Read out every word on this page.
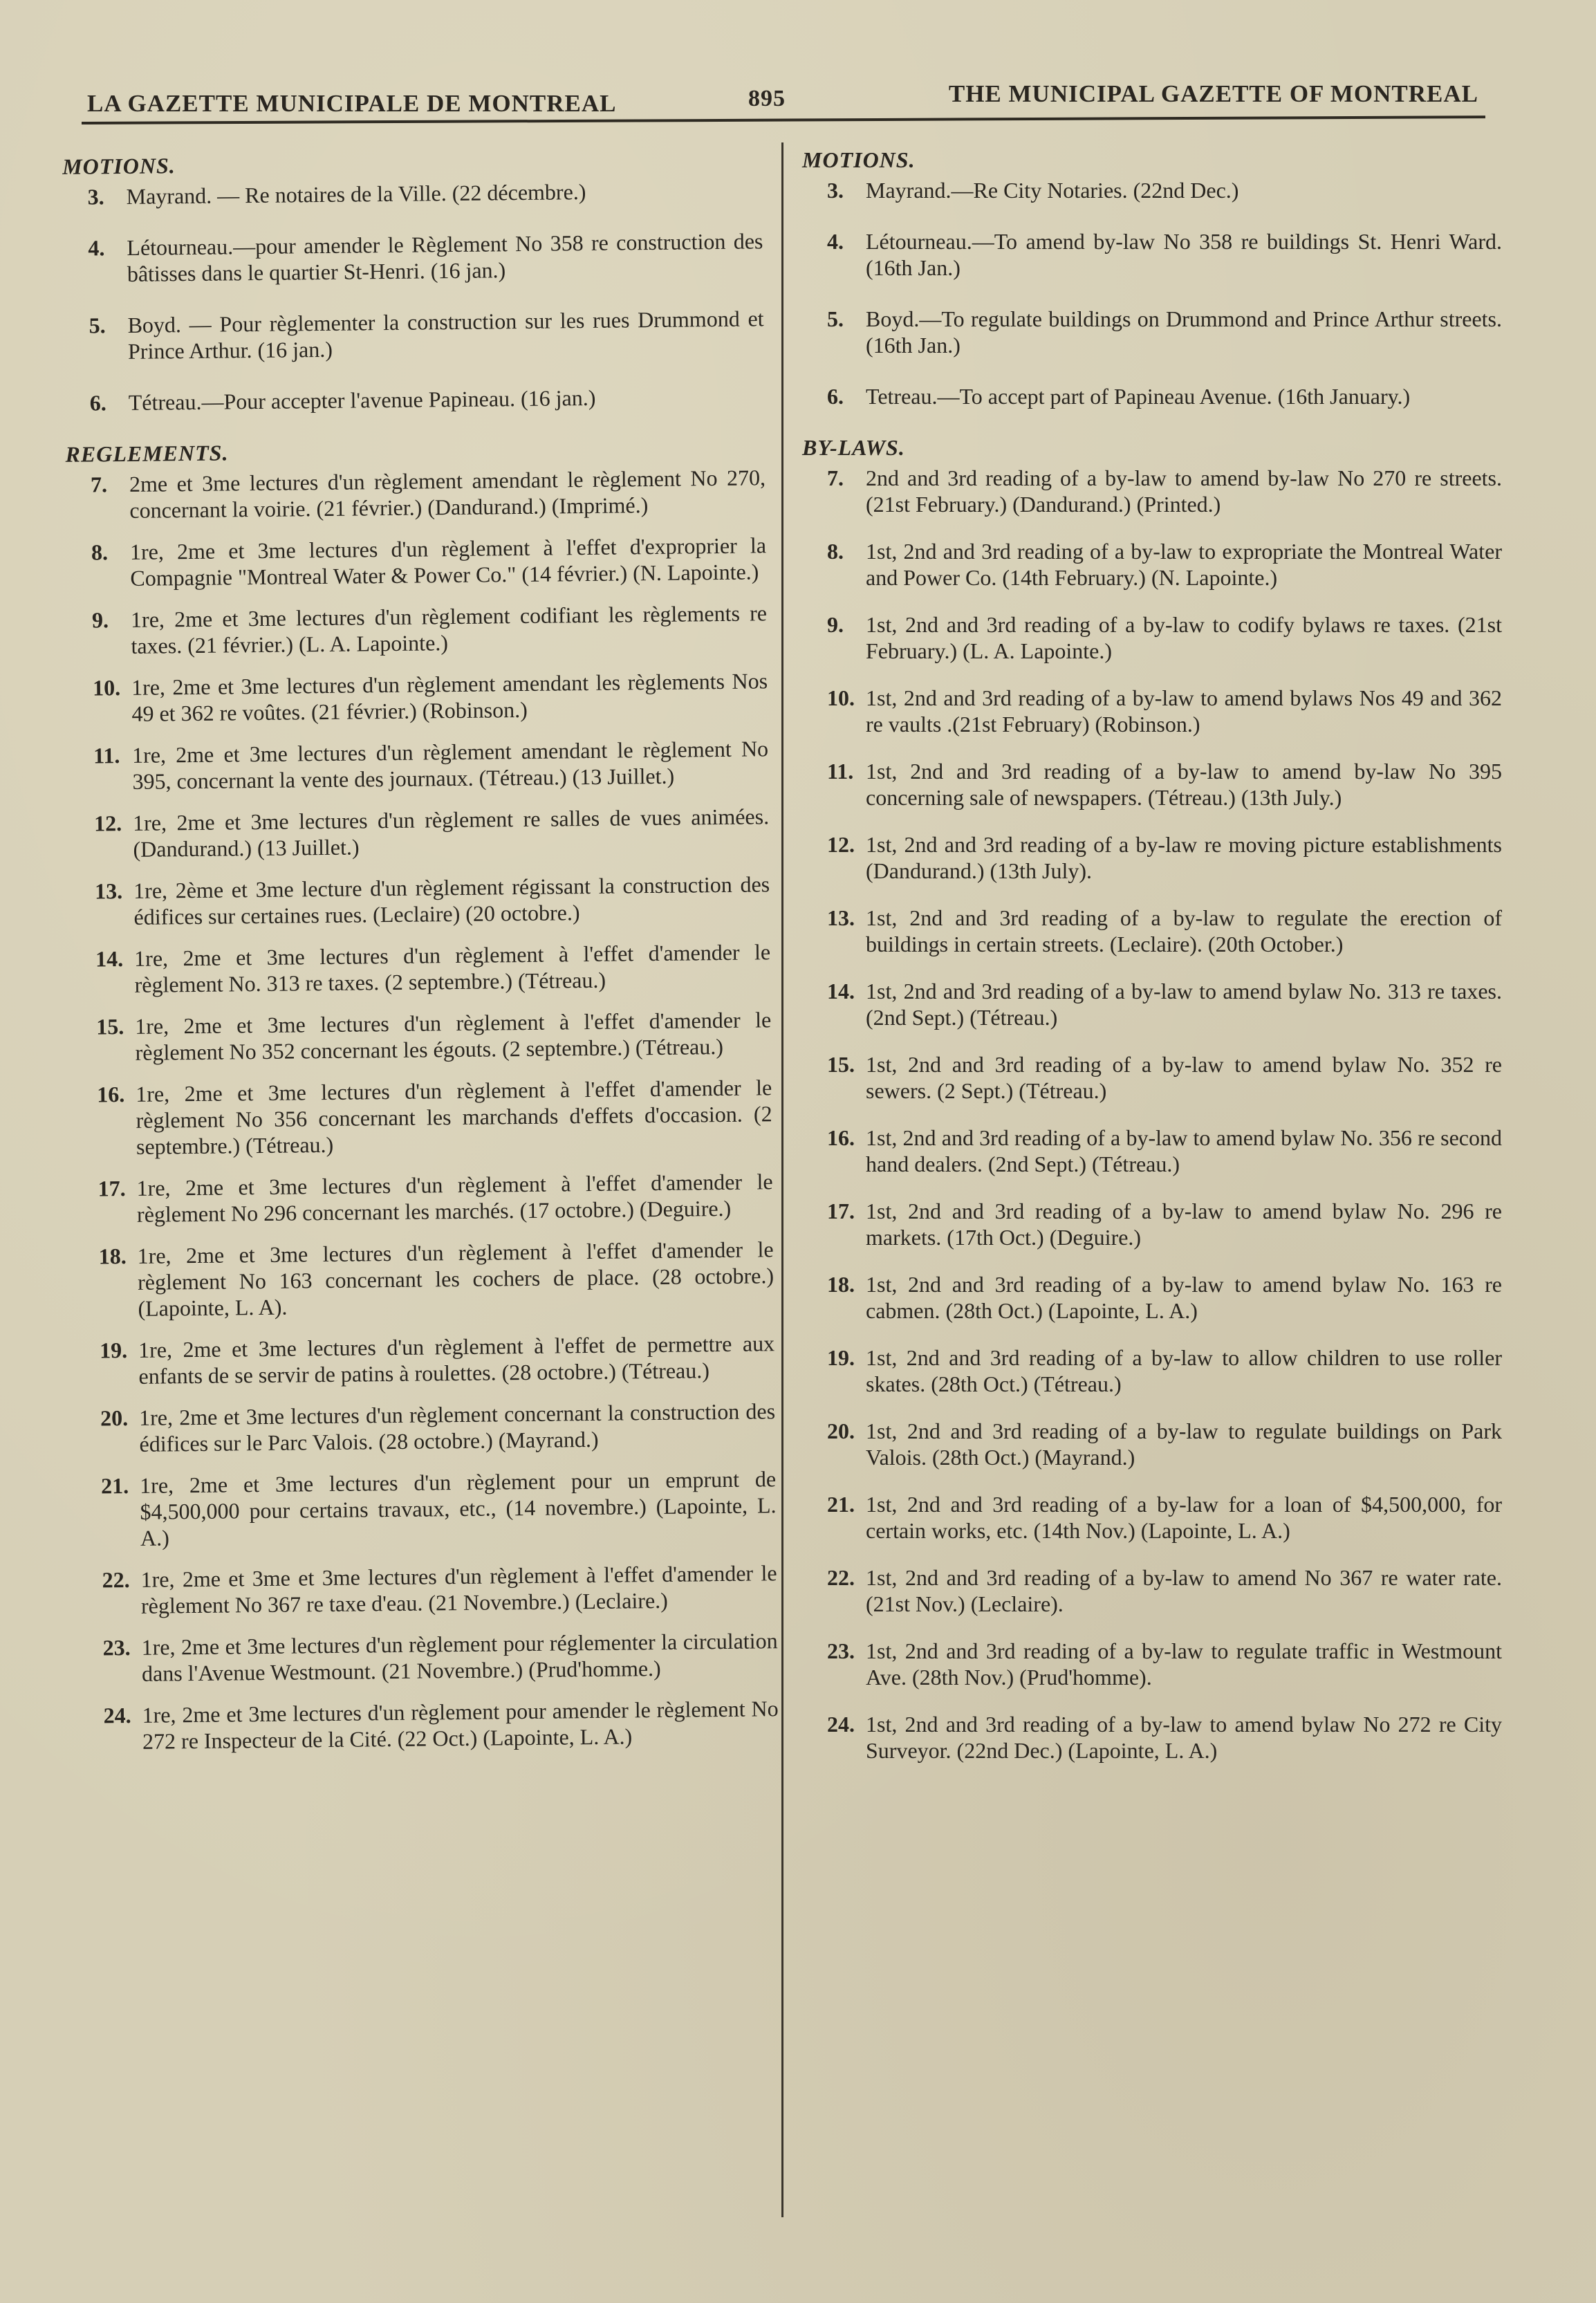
LA GAZETTE MUNICIPALE DE MONTREAL	895	THE MUNICIPAL GAZETTE OF MONTREAL
MOTIONS.
3. Mayrand. — Re notaires de la Ville. (22 décembre.)
4. Létourneau.—pour amender le Règlement No 358 re construction des bâtisses dans le quartier St-Henri. (16 jan.)
5. Boyd. — Pour règlementer la construction sur les rues Drummond et Prince Arthur. (16 jan.)
6. Tétreau.—Pour accepter l'avenue Papineau. (16 jan.)
REGLEMENTS.
7. 2me et 3me lectures d'un règlement amendant le règlement No 270, concernant la voirie. (21 février.) (Dandurand.) (Imprimé.)
8. 1re, 2me et 3me lectures d'un règlement à l'effet d'exproprier la Compagnie "Montreal Water & Power Co." (14 février.) (N. Lapointe.)
9. 1re, 2me et 3me lectures d'un règlement codifiant les règlements re taxes. (21 février.) (L. A. Lapointe.)
10. 1re, 2me et 3me lectures d'un règlement amendant les règlements Nos 49 et 362 re voûtes. (21 février.) (Robinson.)
11. 1re, 2me et 3me lectures d'un règlement amendant le règlement No 395, concernant la vente des journaux. (Tétreau.) (13 Juillet.)
12. 1re, 2me et 3me lectures d'un règlement re salles de vues animées. (Dandurand.) (13 Juillet.)
13. 1re, 2ème et 3me lecture d'un règlement régissant la construction des édifices sur certaines rues. (Leclaire) (20 octobre.)
14. 1re, 2me et 3me lectures d'un règlement à l'effet d'amender le règlement No. 313 re taxes. (2 septembre.) (Tétreau.)
15. 1re, 2me et 3me lectures d'un règlement à l'effet d'amender le règlement No 352 concernant les égouts. (2 septembre.) (Tétreau.)
16. 1re, 2me et 3me lectures d'un règlement à l'effet d'amender le règlement No 356 concernant les marchands d'effets d'occasion. (2 septembre.) (Tétreau.)
17. 1re, 2me et 3me lectures d'un règlement à l'effet d'amender le règlement No 296 concernant les marchés. (17 octobre.) (Deguire.)
18. 1re, 2me et 3me lectures d'un règlement à l'effet d'amender le règlement No 163 concernant les cochers de place. (28 octobre.) (Lapointe, L. A).
19. 1re, 2me et 3me lectures d'un règlement à l'effet de permettre aux enfants de se servir de patins à roulettes. (28 octobre.) (Tétreau.)
20. 1re, 2me et 3me lectures d'un règlement concernant la construction des édifices sur le Parc Valois. (28 octobre.) (Mayrand.)
21. 1re, 2me et 3me lectures d'un règlement pour un emprunt de $4,500,000 pour certains travaux, etc., (14 novembre.) (Lapointe, L. A.)
22. 1re, 2me et 3me et 3me lectures d'un règlement à l'effet d'amender le règlement No 367 re taxe d'eau. (21 Novembre.) (Leclaire.)
23. 1re, 2me et 3me lectures d'un règlement pour réglementer la circulation dans l'Avenue Westmount. (21 Novembre.) (Prud'homme.)
24. 1re, 2me et 3me lectures d'un règlement pour amender le règlement No 272 re Inspecteur de la Cité. (22 Oct.) (Lapointe, L. A.)
MOTIONS.
3.	Mayrand.—Re City Notaries. (22nd Dec.)
4.	Létourneau.—To amend by-law No 358 re buildings St. Henri Ward. (16th Jan.)
5.	Boyd.—To regulate buildings on Drummond and Prince Arthur streets. (16th Jan.)
6.	Tetreau.—To accept part of Papineau Avenue. (16th January.)
BY-LAWS.
7.	2nd and 3rd reading of a by-law to amend by-law No 270 re streets. (21st February.) (Dandurand.) (Printed.)
8.	1st, 2nd and 3rd reading of a by-law to expropriate the Montreal Water and Power Co. (14th February.) (N. Lapointe.)
9.	1st, 2nd and 3rd reading of a by-law to codify bylaws re taxes. (21st February.) (L. A. Lapointe.)
10. 1st, 2nd and 3rd reading of a by-law to amend bylaws Nos 49 and 362 re vaults .(21st February) (Robinson.)
11. 1st, 2nd and 3rd reading of a by-law to amend by-law No 395 concerning sale of newspapers. (Tétreau.) (13th July.)
12. 1st, 2nd and 3rd reading of a by-law re moving picture establishments (Dandurand.) (13th July).
13. 1st, 2nd and 3rd reading of a by-law to regulate the erection of buildings in certain streets. (Leclaire). (20th October.)
14. 1st, 2nd and 3rd reading of a by-law to amend bylaw No. 313 re taxes. (2nd Sept.) (Tétreau.)
15. 1st, 2nd and 3rd reading of a by-law to amend bylaw No. 352 re sewers. (2 Sept.) (Tétreau.)
16. 1st, 2nd and 3rd reading of a by-law to amend bylaw No. 356 re second hand dealers. (2nd Sept.) (Tétreau.)
17. 1st, 2nd and 3rd reading of a by-law to amend bylaw No. 296 re markets. (17th Oct.) (Deguire.)
18. 1st, 2nd and 3rd reading of a by-law to amend bylaw No. 163 re cabmen. (28th Oct.) (Lapointe, L. A.)
19. 1st, 2nd and 3rd reading of a by-law to allow children to use roller skates. (28th Oct.) (Tétreau.)
20. 1st, 2nd and 3rd reading of a by-law to regulate buildings on Park Valois. (28th Oct.) (Mayrand.)
21. 1st, 2nd and 3rd reading of a by-law for a loan of $4,500,000, for certain works, etc. (14th Nov.) (Lapointe, L. A.)
22. 1st, 2nd and 3rd reading of a by-law to amend No 367 re water rate. (21st Nov.) (Leclaire).
23. 1st, 2nd and 3rd reading of a by-law to regulate traffic in Westmount Ave. (28th Nov.) (Prud'homme).
24. 1st, 2nd and 3rd reading of a by-law to amend bylaw No 272 re City Surveyor. (22nd Dec.) (Lapointe, L. A.)
